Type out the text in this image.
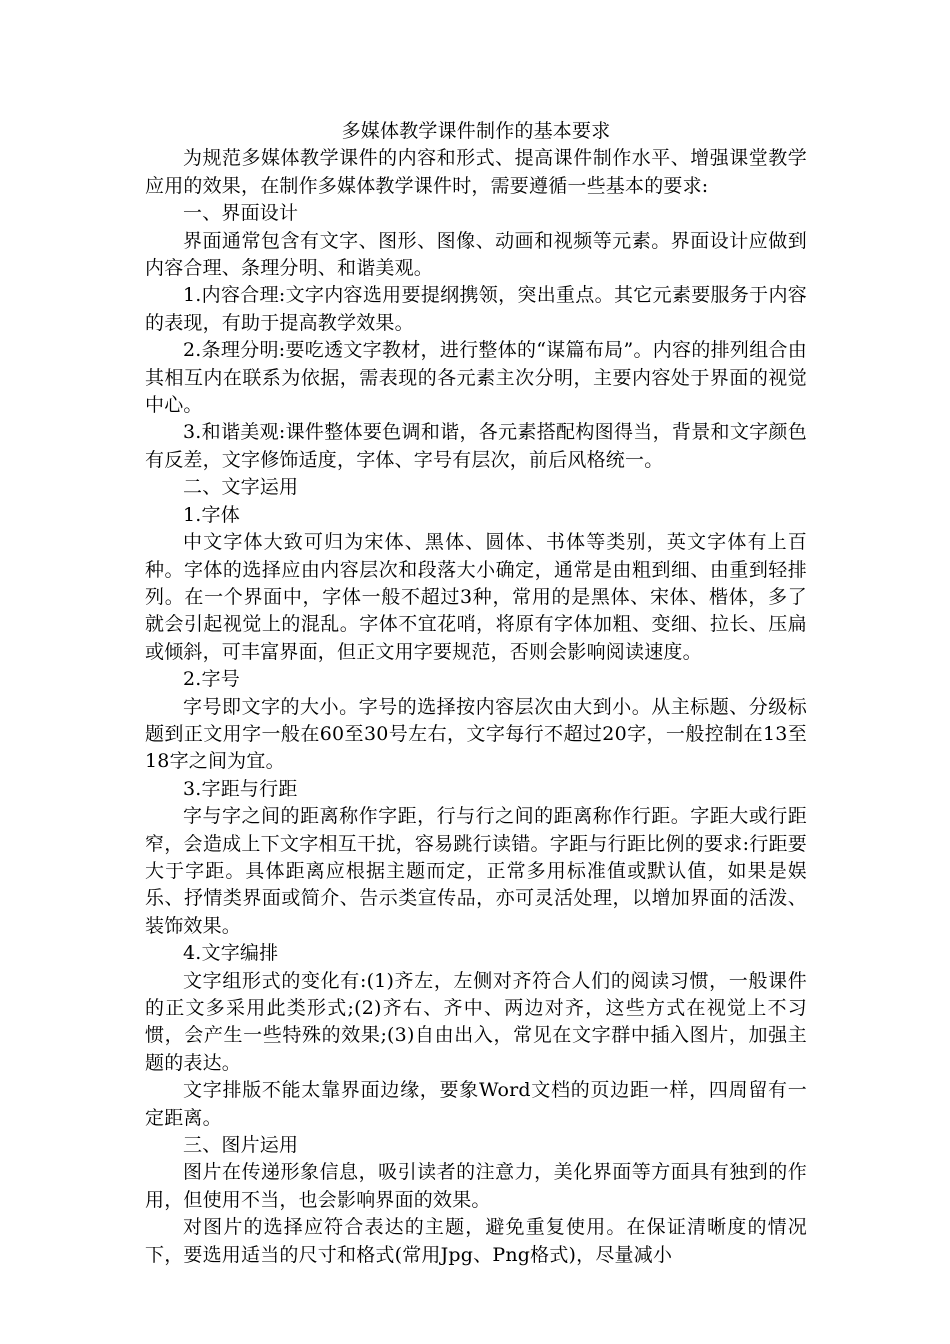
多媒体教学课件制作的基本要求

为规范多媒体教学课件的内容和形式、提高课件制作水平、增强课堂教学应用的效果，在制作多媒体教学课件时，需要遵循一些基本的要求:

一、界面设计

界面通常包含有文字、图形、图像、动画和视频等元素。界面设计应做到内容合理、条理分明、和谐美观。

1.内容合理:文字内容选用要提纲携领，突出重点。其它元素要服务于内容的表现，有助于提高教学效果。

2.条理分明:要吃透文字教材，进行整体的“谋篇布局”。内容的排列组合由其相互内在联系为依据，需表现的各元素主次分明，主要内容处于界面的视觉中心。

3.和谐美观:课件整体要色调和谐，各元素搭配构图得当，背景和文字颜色有反差，文字修饰适度，字体、字号有层次，前后风格统一。

二、文字运用

1.字体

中文字体大致可归为宋体、黑体、圆体、书体等类别，英文字体有上百种。字体的选择应由内容层次和段落大小确定，通常是由粗到细、由重到轻排列。在一个界面中，字体一般不超过3种，常用的是黑体、宋体、楷体，多了就会引起视觉上的混乱。字体不宜花哨，将原有字体加粗、变细、拉长、压扁或倾斜，可丰富界面，但正文用字要规范，否则会影响阅读速度。

2.字号

字号即文字的大小。字号的选择按内容层次由大到小。从主标题、分级标题到正文用字一般在60至30号左右，文字每行不超过20字，一般控制在13至18字之间为宜。

3.字距与行距

字与字之间的距离称作字距，行与行之间的距离称作行距。字距大或行距窄，会造成上下文字相互干扰，容易跳行读错。字距与行距比例的要求:行距要大于字距。具体距离应根据主题而定，正常多用标准值或默认值，如果是娱乐、抒情类界面或简介、告示类宣传品，亦可灵活处理，以增加界面的活泼、装饰效果。

4.文字编排

文字组形式的变化有:(1)齐左，左侧对齐符合人们的阅读习惯，一般课件的正文多采用此类形式;(2)齐右、齐中、两边对齐，这些方式在视觉上不习惯，会产生一些特殊的效果;(3)自由出入，常见在文字群中插入图片，加强主题的表达。

文字排版不能太靠界面边缘，要象Word文档的页边距一样，四周留有一定距离。

三、图片运用

图片在传递形象信息，吸引读者的注意力，美化界面等方面具有独到的作用，但使用不当，也会影响界面的效果。

对图片的选择应符合表达的主题，避免重复使用。在保证清晰度的情况下，要选用适当的尺寸和格式(常用Jpg、Png格式)，尽量减小
